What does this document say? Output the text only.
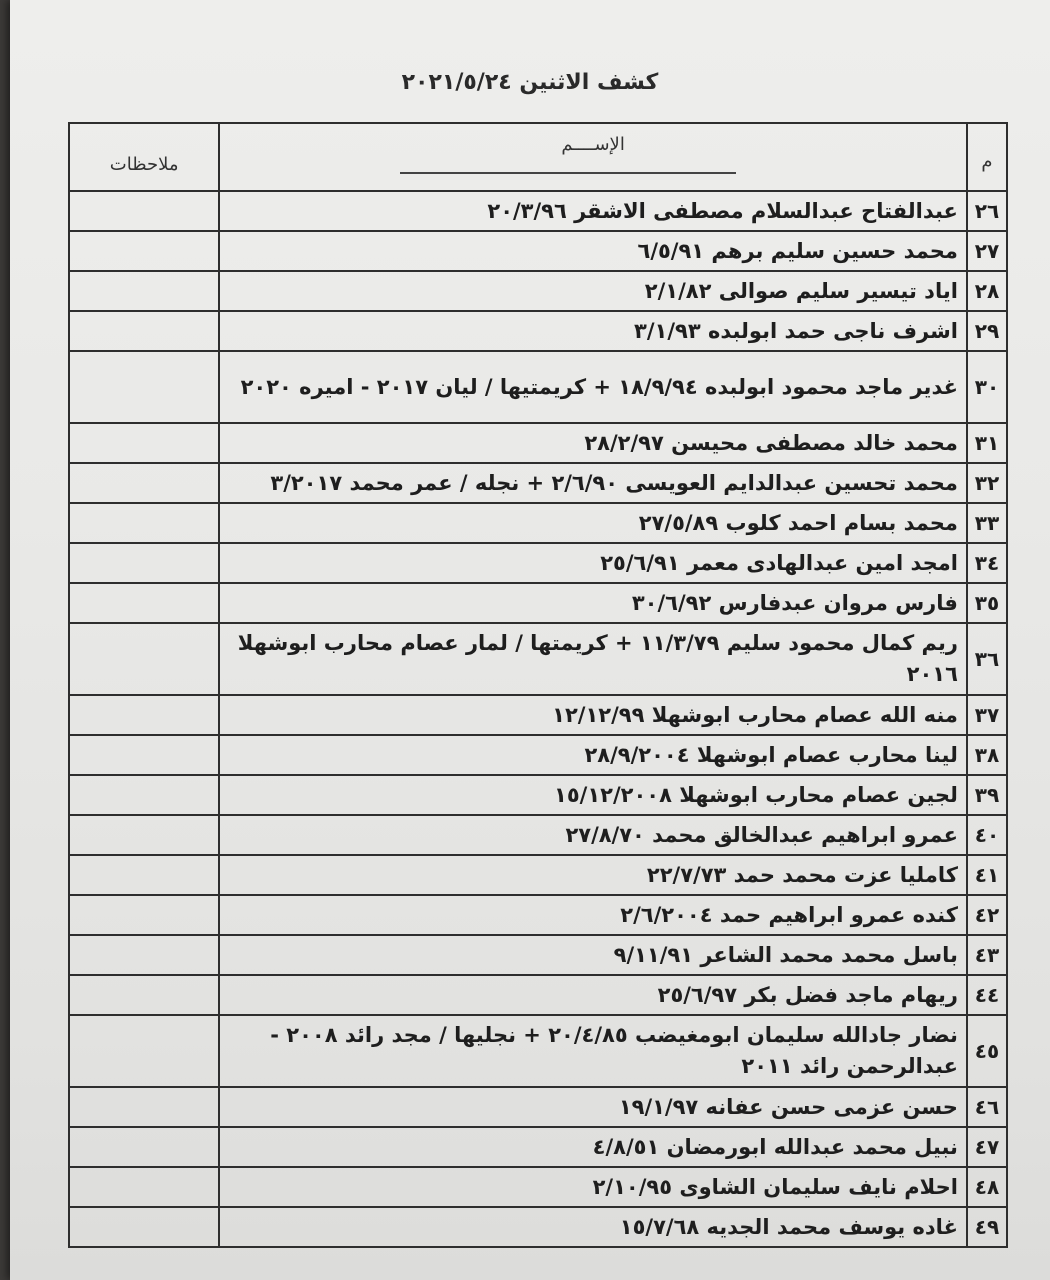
كشف الاثنين ٢٠٢١/٥/٢٤
م	الإســــم	ملاحظات

٢٦	عبدالفتاح عبدالسلام مصطفى الاشقر ٢٠/٣/٩٦	
٢٧	محمد حسين سليم برهم ٦/٥/٩١	
٢٨	اياد تيسير سليم صوالى ٢/١/٨٢	
٢٩	اشرف ناجى حمد ابولبده ٣/١/٩٣	
٣٠	غدير ماجد محمود ابولبده ١٨/٩/٩٤ + كريمتيها / ليان ٢٠١٧ - اميره ٢٠٢٠	
٣١	محمد خالد مصطفى محيسن ٢٨/٢/٩٧	
٣٢	محمد تحسين عبدالدايم العويسى ٢/٦/٩٠ + نجله / عمر محمد ٣/٢٠١٧	
٣٣	محمد بسام احمد كلوب ٢٧/٥/٨٩	
٣٤	امجد امين عبدالهادى معمر ٢٥/٦/٩١	
٣٥	فارس مروان عبدفارس ٣٠/٦/٩٢	
٣٦	ريم كمال محمود سليم ١١/٣/٧٩ + كريمتها / لمار عصام محارب ابوشهلا ٢٠١٦	
٣٧	منه الله عصام محارب ابوشهلا ١٢/١٢/٩٩	
٣٨	لينا محارب عصام ابوشهلا ٢٨/٩/٢٠٠٤	
٣٩	لجين عصام محارب ابوشهلا ١٥/١٢/٢٠٠٨	
٤٠	عمرو ابراهيم عبدالخالق محمد ٢٧/٨/٧٠	
٤١	كامليا عزت محمد حمد ٢٢/٧/٧٣	
٤٢	كنده عمرو ابراهيم حمد ٢/٦/٢٠٠٤	
٤٣	باسل محمد محمد الشاعر ٩/١١/٩١	
٤٤	ريهام ماجد فضل بكر ٢٥/٦/٩٧	
٤٥	نضار جادالله سليمان ابومغيضب ٢٠/٤/٨٥ + نجليها / مجد رائد ٢٠٠٨ - عبدالرحمن رائد ٢٠١١	
٤٦	حسن عزمى حسن عفانه ١٩/١/٩٧	
٤٧	نبيل محمد عبدالله ابورمضان ٤/٨/٥١	
٤٨	احلام نايف سليمان الشاوى ٢/١٠/٩٥	
٤٩	غاده يوسف محمد الجديه ١٥/٧/٦٨	
